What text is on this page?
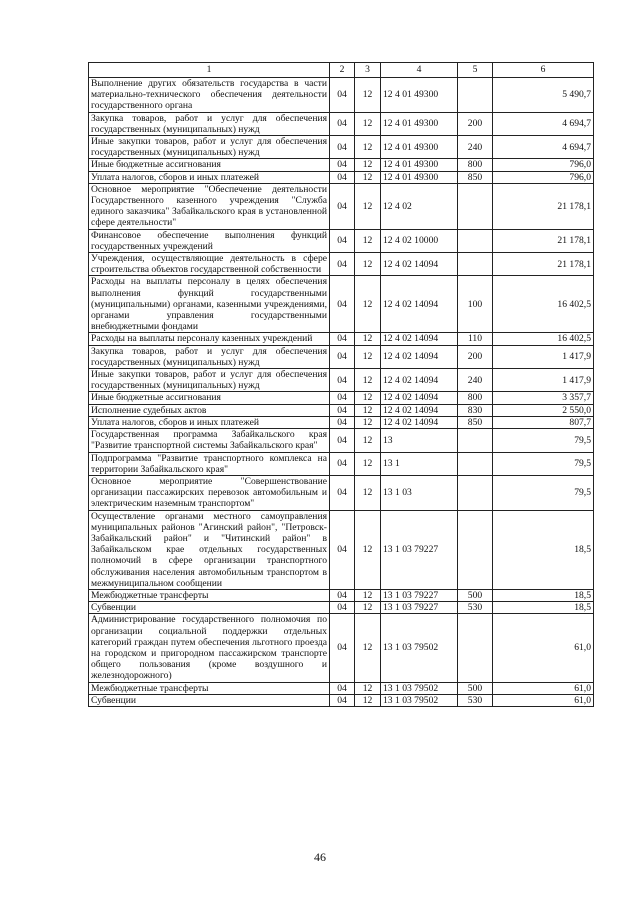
1	2	3	4	5	6
Выполнение других обязательств государства в части материально-технического обеспечения деятельности государственного органа	04	12	12 4 01 49300		5 490,7
Закупка товаров, работ и услуг для обеспечения государственных (муниципальных) нужд	04	12	12 4 01 49300	200	4 694,7
Иные закупки товаров, работ и услуг для обеспечения государственных (муниципальных) нужд	04	12	12 4 01 49300	240	4 694,7
Иные бюджетные ассигнования	04	12	12 4 01 49300	800	796,0
Уплата налогов, сборов и иных платежей	04	12	12 4 01 49300	850	796,0
Основное мероприятие "Обеспечение деятельности Государственного казенного учреждения "Служба единого заказчика" Забайкальского края в установленной сфере деятельности"	04	12	12 4 02		21 178,1
Финансовое обеспечение выполнения функций государственных учреждений	04	12	12 4 02 10000		21 178,1
Учреждения, осуществляющие деятельность в сфере строительства объектов государственной собственности	04	12	12 4 02 14094		21 178,1
Расходы на выплаты персоналу в целях обеспечения выполнения функций государственными (муниципальными) органами, казенными учреждениями, органами управления государственными внебюджетными фондами	04	12	12 4 02 14094	100	16 402,5
Расходы на выплаты персоналу казенных учреждений	04	12	12 4 02 14094	110	16 402,5
Закупка товаров, работ и услуг для обеспечения государственных (муниципальных) нужд	04	12	12 4 02 14094	200	1 417,9
Иные закупки товаров, работ и услуг для обеспечения государственных (муниципальных) нужд	04	12	12 4 02 14094	240	1 417,9
Иные бюджетные ассигнования	04	12	12 4 02 14094	800	3 357,7
Исполнение судебных актов	04	12	12 4 02 14094	830	2 550,0
Уплата налогов, сборов и иных платежей	04	12	12 4 02 14094	850	807,7
Государственная программа Забайкальского края "Развитие транспортной системы Забайкальского края"	04	12	13		79,5
Подпрограмма "Развитие транспортного комплекса на территории Забайкальского края"	04	12	13 1		79,5
Основное мероприятие "Совершенствование организации пассажирских перевозок автомобильным и электрическим наземным транспортом"	04	12	13 1 03		79,5
Осуществление органами местного самоуправления муниципальных районов "Агинский район", "Петровск-Забайкальский район" и "Читинский район" в Забайкальском крае отдельных государственных полномочий в сфере организации транспортного обслуживания населения автомобильным транспортом в межмуниципальном сообщении	04	12	13 1 03 79227		18,5
Межбюджетные трансферты	04	12	13 1 03 79227	500	18,5
Субвенции	04	12	13 1 03 79227	530	18,5
Администрирование государственного полномочия по организации социальной поддержки отдельных категорий граждан путем обеспечения льготного проезда на городском и пригородном пассажирском транспорте общего пользования (кроме воздушного и железнодорожного)	04	12	13 1 03 79502		61,0
Межбюджетные трансферты	04	12	13 1 03 79502	500	61,0
Субвенции	04	12	13 1 03 79502	530	61,0
46
